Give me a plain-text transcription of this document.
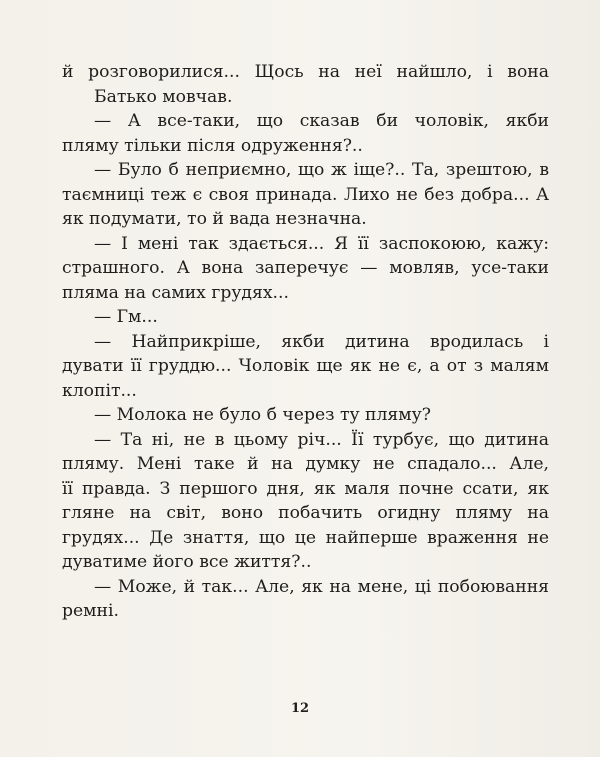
й розговорилися... Щось на неї найшло, і вона
Батько мовчав.
— А все-таки, що сказав би чоловік, якби
пляму тільки після одруження?..
— Було б неприємно, що ж іще?.. Та, зрештою, в
таємниці теж є своя принада. Лихо не без добра... А
як подумати, то й вада незначна.
— І мені так здається... Я її заспокоюю, кажу:
страшного. А вона заперечує — мовляв, усе-таки
пляма на самих грудях...
— Гм...
— Найприкріше, якби дитина вродилась і
дувати її груддю... Чоловік ще як не є, а от з малям
клопіт...
— Молока не було б через ту пляму?
— Та ні, не в цьому річ... Її турбує, що дитина
пляму. Мені таке й на думку не спадало... Але,
її правда. З першого дня, як маля почне ссати, як
гляне на світ, воно побачить огидну пляму на
грудях... Де знаття, що це найперше враження не
дуватиме його все життя?..
— Може, й так... Але, як на мене, ці побоювання
ремні.
12
